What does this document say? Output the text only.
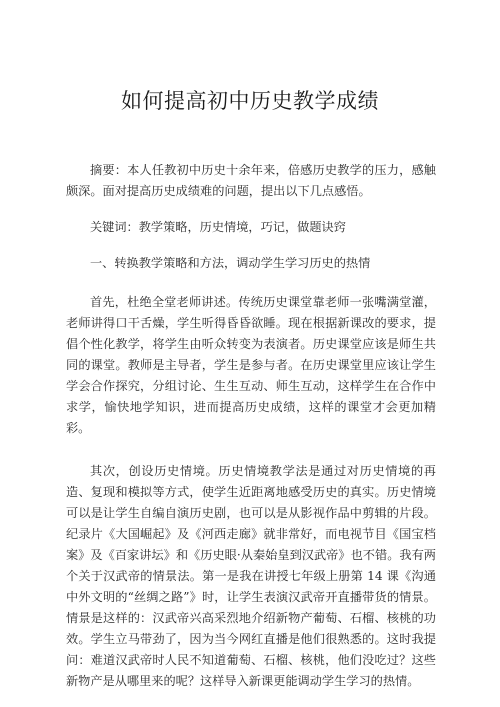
如何提高初中历史教学成绩

摘要：本人任教初中历史十余年来，倍感历史教学的压力，感触颇深。面对提高历史成绩难的问题，提出以下几点感悟。

关键词：教学策略，历史情境，巧记，做题诀窍

一、转换教学策略和方法，调动学生学习历史的热情

首先，杜绝全堂老师讲述。传统历史课堂靠老师一张嘴满堂灌，老师讲得口干舌燥，学生听得昏昏欲睡。现在根据新课改的要求，提倡个性化教学，将学生由听众转变为表演者。历史课堂应该是师生共同的课堂。教师是主导者，学生是参与者。在历史课堂里应该让学生学会合作探究，分组讨论、生生互动、师生互动，这样学生在合作中求学，愉快地学知识，进而提高历史成绩，这样的课堂才会更加精彩。

其次，创设历史情境。历史情境教学法是通过对历史情境的再造、复现和模拟等方式，使学生近距离地感受历史的真实。历史情境可以是让学生自编自演历史剧，也可以是从影视作品中剪辑的片段。纪录片《大国崛起》及《河西走廊》就非常好，而电视节目《国宝档案》及《百家讲坛》和《历史眼·从秦始皇到汉武帝》也不错。我有两个关于汉武帝的情景法。第一是我在讲授七年级上册第 14 课《沟通中外文明的“丝绸之路”》时，让学生表演汉武帝开直播带货的情景。情景是这样的：汉武帝兴高采烈地介绍新物产葡萄、石榴、核桃的功效。学生立马带劲了，因为当今网红直播是他们很熟悉的。这时我提问：难道汉武帝时人民不知道葡萄、石榴、核桃，他们没吃过？这些新物产是从哪里来的呢？这样导入新课更能调动学生学习的热情。
